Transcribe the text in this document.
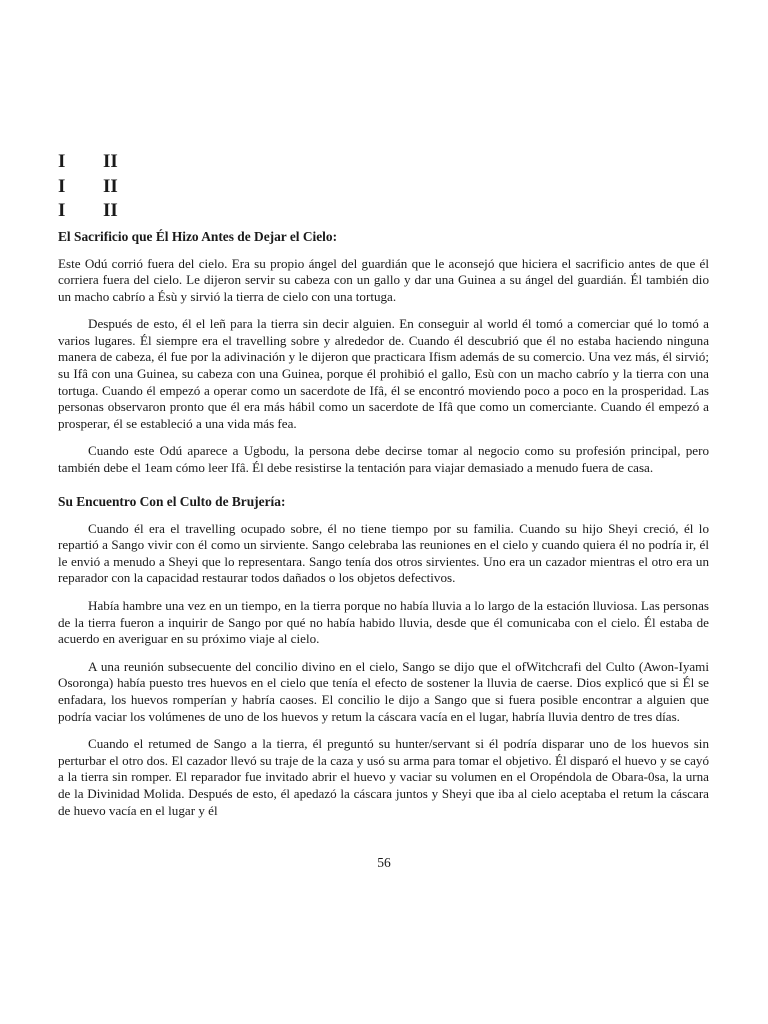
I	II
I	II
I	II
El Sacrificio que Él Hizo Antes de Dejar el Cielo:

Este Odú corrió fuera del cielo. Era su propio ángel del guardián que le aconsejó que hiciera el sacrificio antes de que él corriera fuera del cielo. Le dijeron servir su cabeza con un gallo y dar una Guinea a su ángel del guardián. Él también dio un macho cabrío a Ésù y sirvió la tierra de cielo con una tortuga.

Después de esto, él el leñ para la tierra sin decir alguien. En conseguir al world él tomó a comerciar qué lo tomó a varios lugares. Él siempre era el travelling sobre y alrededor de. Cuando él descubrió que él no estaba haciendo ninguna manera de cabeza, él fue por la adivinación y le dijeron que practicara Ifism además de su comercio. Una vez más, él sirvió; su Ifâ con una Guinea, su cabeza con una Guinea, porque él prohibió el gallo, Esù con un macho cabrío y la tierra con una tortuga. Cuando él empezó a operar como un sacerdote de Ifâ, él se encontró moviendo poco a poco en la prosperidad. Las personas observaron pronto que él era más hábil como un sacerdote de Ifâ que como un comerciante. Cuando él empezó a prosperar, él se estableció a una vida más fea.

Cuando este Odú aparece a Ugbodu, la persona debe decirse tomar al negocio como su profesión principal, pero también debe el 1eam cómo leer Ifâ. Él debe resistirse la tentación para viajar demasiado a menudo fuera de casa.

Su Encuentro Con el Culto de Brujería:

Cuando él era el travelling ocupado sobre, él no tiene tiempo por su familia. Cuando su hijo Sheyi creció, él lo repartió a Sango vivir con él como un sirviente. Sango celebraba las reuniones en el cielo y cuando quiera él no podría ir, él le envió a menudo a Sheyi que lo representara. Sango tenía dos otros sirvientes. Uno era un cazador mientras el otro era un reparador con la capacidad restaurar todos dañados o los objetos defectivos.

Había hambre una vez en un tiempo, en la tierra porque no había lluvia a lo largo de la estación lluviosa. Las personas de la tierra fueron a inquirir de Sango por qué no había habido lluvia, desde que él comunicaba con el cielo. Él estaba de acuerdo en averiguar en su próximo viaje al cielo.

A una reunión subsecuente del concilio divino en el cielo, Sango se dijo que el ofWitchcrafi del Culto (Awon-Iyami Osoronga) había puesto tres huevos en el cielo que tenía el efecto de sostener la lluvia de caerse. Dios explicó que si Él se enfadara, los huevos romperían y habría caoses. El concilio le dijo a Sango que si fuera posible encontrar a alguien que podría vaciar los volúmenes de uno de los huevos y retum la cáscara vacía en el lugar, habría lluvia dentro de tres días.

Cuando el retumed de Sango a la tierra, él preguntó su hunter/servant si él podría disparar uno de los huevos sin perturbar el otro dos. El cazador llevó su traje de la caza y usó su arma para tomar el objetivo. Él disparó el huevo y se cayó a la tierra sin romper. El reparador fue invitado abrir el huevo y vaciar su volumen en el Oropéndola de Obara-0sa, la urna de la Divinidad Molida. Después de esto, él apedazó la cáscara juntos y Sheyi que iba al cielo aceptaba el retum la cáscara de huevo vacía en el lugar y él

56
